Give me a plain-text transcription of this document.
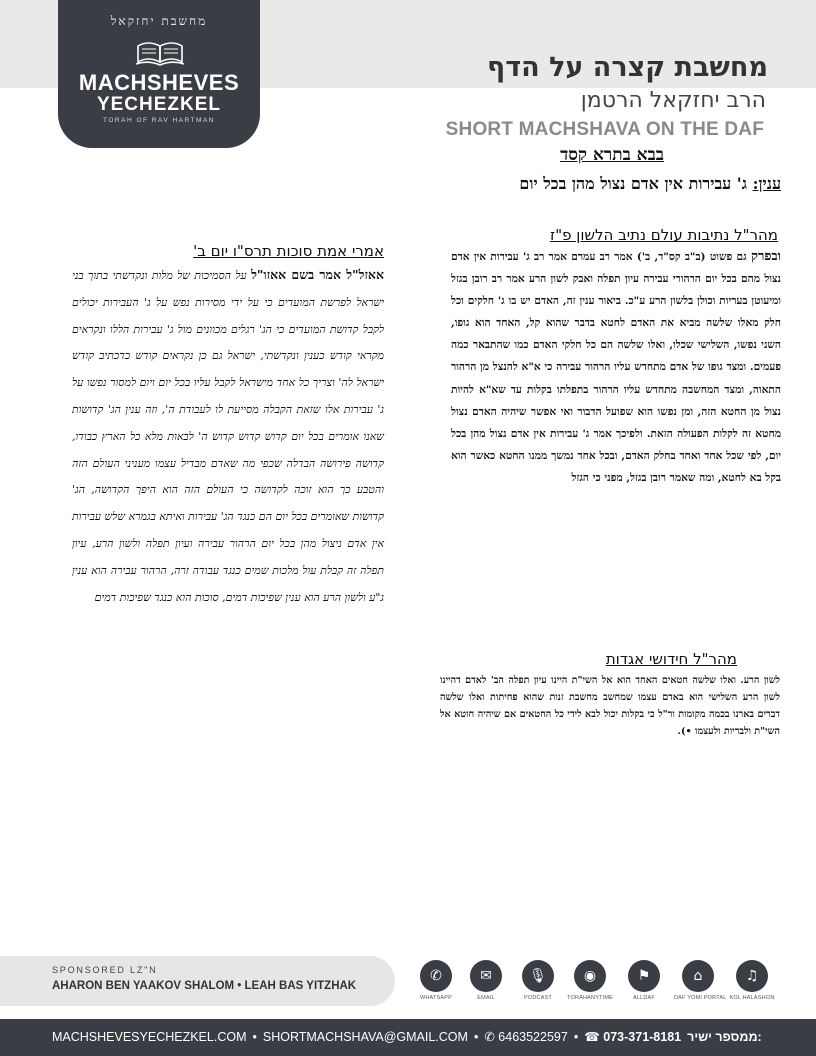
מחשבת יחזקאל
MACHSHEVES
YECHEZKEL
TORAH OF RAV HARTMAN
מחשבת קצרה על הדף
הרב יחזקאל הרטמן
SHORT MACHSHAVA ON THE DAF
בבא בתרא קסד
ענין: ג' עבירות אין אדם נצול מהן בכל יום
מהר"ל נתיבות עולם נתיב הלשון פ"ז
ובפרק גם פשוט (ב"ב קס"ד, ב') אמר רב עמרם אמר רב ג' עבירות אין אדם נצול מהם בכל יום הרהורי עבירה עיון תפלה ואבק לשון הרע אמר רב רובן בגזל ומיעוטן בעריות וכולן בלשון הרע ע"כ. ביאור ענין זה, האדם יש בו ג' חלקים וכל חלק מאלו שלשה מביא את האדם לחטא בדבר שהוא קל, האחד הוא גופו, השני נפשו, השלישי שכלו, ואלו שלשה הם כל חלקי האדם כמו שהתבאר כמה פעמים. ומצד גופו של אדם מתחדש עליו הרהור עבירה כי א"א להנצל מן הרהור התאוה, ומצד המחשבה מתחדש עליו הרהור בתפלתו בקלות עד שא"א להיות נצול מן החטא הזה, ומן נפשו הוא שפועל הדבור ואי אפשר שיהיה האדם נצול מחטא זה לקלות הפעולה הזאת. ולפיכך אמר ג' עבירות אין אדם נצול מהן בכל יום, לפי שכל אחד ואחד בחלק האדם, ובכל אחד נמשך ממנו החטא כאשר הוא בקל בא לחטא, ומה שאמר רובן בגזל, מפני כי הגזל
מהר"ל חידושי אגדות
לשון הרע. ואלו שלשה חטאים האחד הוא אל השי"ת היינו עיון תפלה הב' לאדם דהיינו לשון הרע השלישי הוא באדם עצמו שמחשב מחשבת זנות שהוא פחיתות ואלו שלשה דברים בארנו בכמה מקומות ור"ל כי בקלות יכול לבא לידי כל החטאים אם שיהיה חוטא אל השי"ת ולבריות ולעצמו •).
אמרי אמת סוכות תרס"ו יום ב'
אאזל"ל אמר בשם אאזו"ל על הסמיכות של מלות ונקדשתי בתוך בני ישראל לפרשת המועדים כי על ידי מסירות נפש על ג' העבירות יכולים לקבל קדושת המועדים כי הג' רגלים מכוונים מול ג' עבירות הללו ונקראים מקראי קודש כענין ונקדשתי, ישראל גם כן נקראים קודש כדכתיב קודש ישראל לה' וצריך כל אחד מישראל לקבל עליו בכל יום ויום למסור נפשו על ג' עבירות אלו שזאת הקבלה מסייעת לו לעבודת ה', וזה ענין הג' קדושות שאנו אומרים בכל יום קדוש קדוש קדוש ה' לבאות מלא כל הארץ כבודו, קדושה פירושה הבדלה שכפי מה שאדם מבדיל עצמו מעניני העולם הזה והטבע כך הוא זוכה לקדושה כי העולם הזה הוא היפך הקדושה, הג' קדושות שאומרים בכל יום הם כנגד הג' עבירות ואיתא בגמרא שלש עבירות אין אדם ניצול מהן בכל יום הרהור עבירה ועיון תפלה ולשון הרע, עיון תפלה זה קבלת עול מלכות שמים כנגד עבודה זרה, הרהור עבירה הוא ענין ג"ע ולשון הרע הוא ענין שפיכות דמים, סוכות הוא כנגד שפיכות דמים
SPONSORED LZ"N
AHARON BEN YAAKOV SHALOM • LEAH BAS YITZHAK
✆
WHATSAPP
✉
EMAIL
🎙
PODCAST
◉
TORAHANYTIME
⚑
ALLDAF
⌂
DAF YOMI PORTAL
♫
KOL HALASHON
MACHSHEVESYECHEZKEL.COM • SHORTMACHSHAVA@GMAIL.COM • ✆ 6463522597 • ☎ 073-371-8181 ממספר ישיר:
